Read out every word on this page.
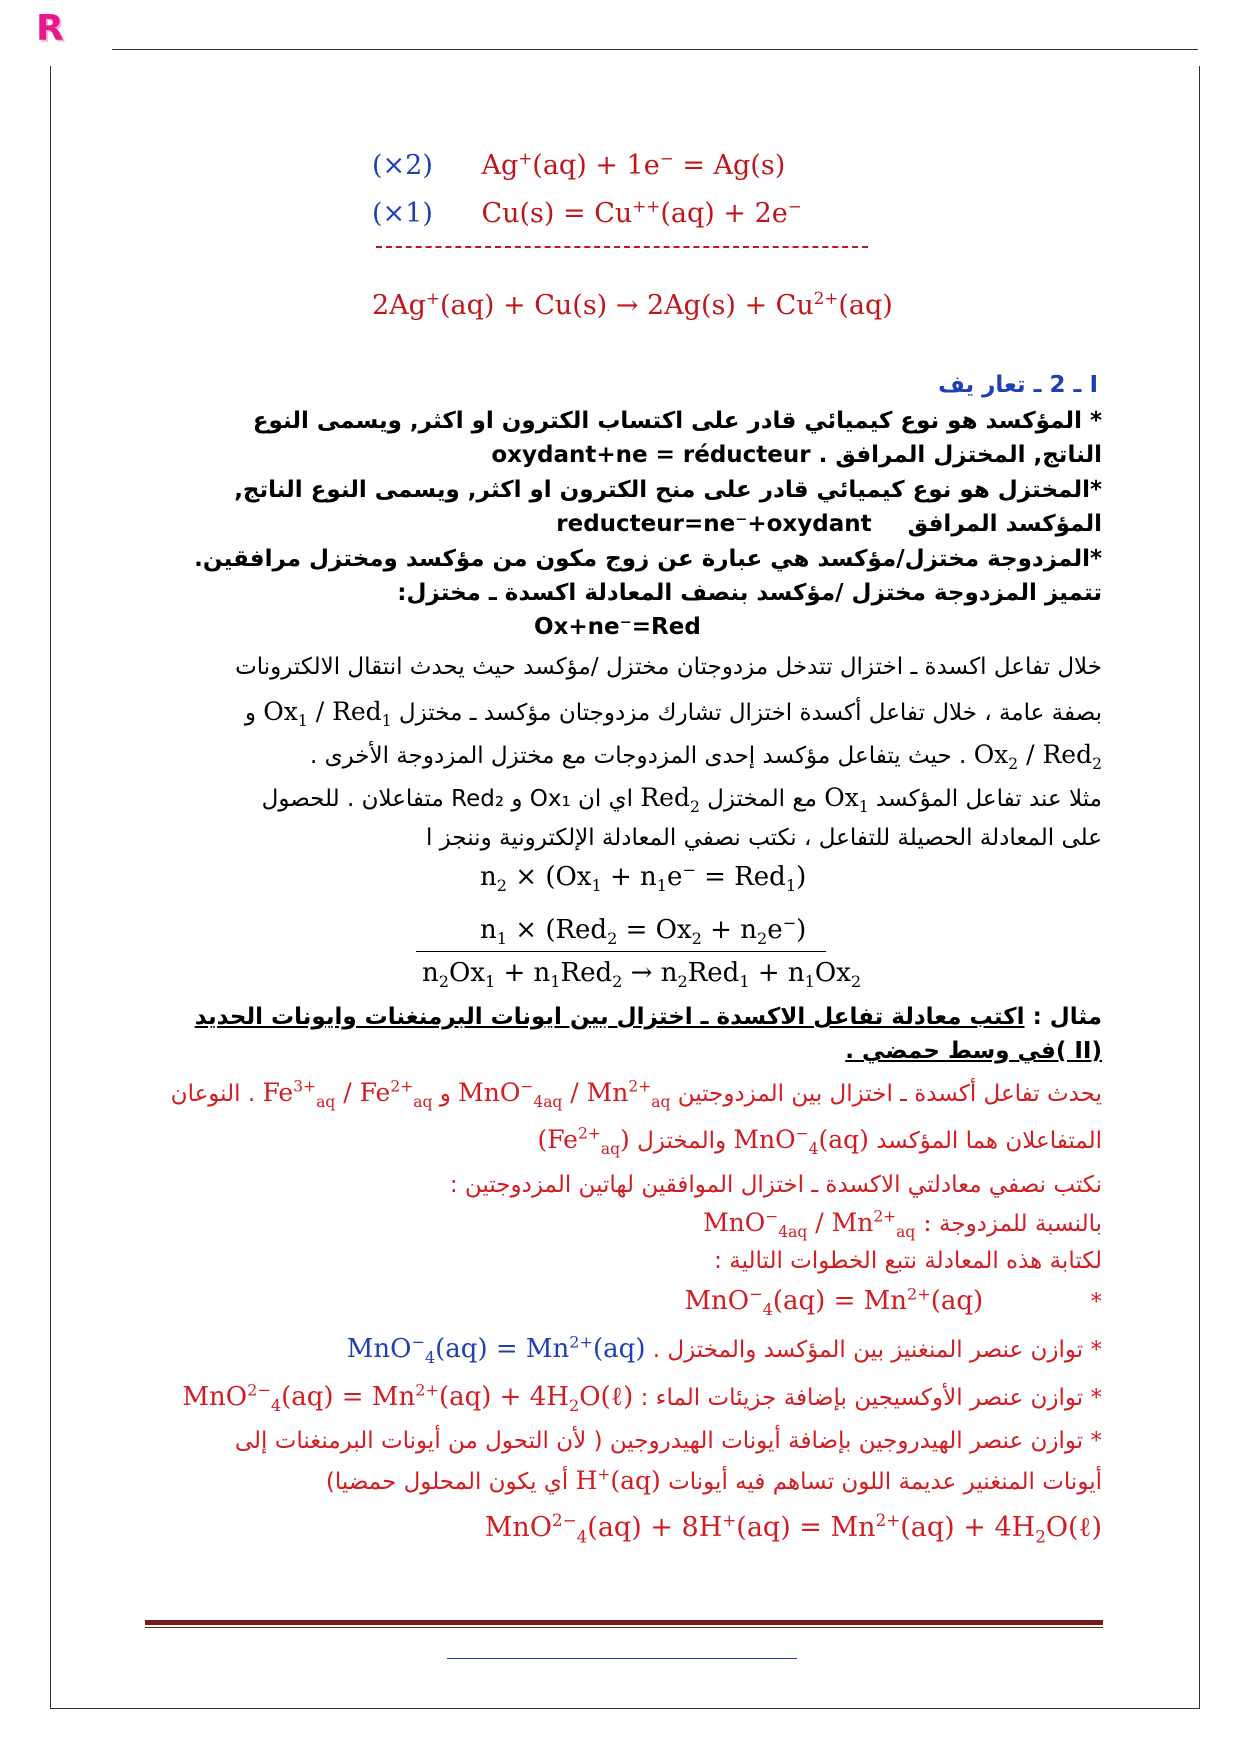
R
(×2) Ag+(aq) + 1e− = Ag(s)
(×1) Cu(s) = Cu++(aq) + 2e−
$2Ag^+(aq) + Cu(s) \to 2Ag(s) + Cu^{2+}(aq)$
I ـ 2 ـ تعار يف
* المؤكسد هو نوع كيميائي قادر على اكتساب الكترون او اكثر, ويسمى النوع
الناتج, المختزل المرافق . oxydant+ne = réducteur
*المختزل هو نوع كيميائي قادر على منح الكترون او اكثر, ويسمى النوع الناتج,
المؤكسد المرافق reducteur=ne⁻+oxydant
*المزدوجة مختزل/مؤكسد هي عبارة عن زوج مكون من مؤكسد ومختزل مرافقين.
تتميز المزدوجة مختزل /مؤكسد بنصف المعادلة اكسدة ـ مختزل:
Ox+ne⁻=Red
خلال تفاعل اكسدة ـ اختزال تتدخل مزدوجتان مختزل /مؤكسد حيث يحدث انتقال الالكترونات
بصفة عامة ، خلال تفاعل أكسدة اختزال تشارك مزدوجتان مؤكسد ـ مختزل $Ox_1 / Red_1$ و
$Ox_2 / Red_2$ . حيث يتفاعل مؤكسد إحدى المزدوجات مع مختزل المزدوجة الأخرى .
مثلا عند تفاعل المؤكسد $Ox_1$ مع المختزل Red$_2$ اي ان Ox₁ و Red₂ متفاعلان . للحصول
على المعادلة الحصيلة للتفاعل ، نكتب نصفي المعادلة الإلكترونية وننجز ا
$n_2 \times (Ox_1 + n_1e^- = Red_1)$
$n_1 \times (Red_2 = Ox_2 + n_2e^-)$
$n_2Ox_1 + n_1Red_2 \to n_2Red_1 + n_1Ox_2$
مثال : اكتب معادلة تفاعل الاكسدة ـ اختزال بين ايونات البرمنغنات وايونات الحديد
(II )في وسط حمضي .
يحدث تفاعل أكسدة ـ اختزال بين المزدوجتين $MnO^-_{4aq} / Mn^{2+}_{aq}$ و $Fe^{3+}_{aq} / Fe^{2+}_{aq}$ . النوعان
المتفاعلان هما المؤكسد MnO−$_4$(aq) والمختزل $(Fe^{2+}_{aq})$
نكتب نصفي معادلتي الاكسدة ـ اختزال الموافقين لهاتين المزدوجتين :
بالنسبة للمزدوجة $MnO^-_{4aq} / Mn^{2+}_{aq}$ :
لكتابة هذه المعادلة نتبع الخطوات التالية :
* $MnO^-_4(aq) = Mn^{2+}(aq)$
* توازن عنصر المنغنيز بين المؤكسد والمختزل . $MnO^-_4(aq) = Mn^{2+}(aq)$
* توازن عنصر الأوكسيجين بإضافة جزيئات الماء : $MnO^{2-}_4(aq) = Mn^{2+}(aq)$ + $4H_2O(\ell)$
* توازن عنصر الهيدروجين بإضافة أيونات الهيدروجين ( لأن التحول من أيونات البرمنغنات إلى
أيونات المنغنير عديمة اللون تساهم فيه أيونات H+(aq) أي يكون المحلول حمضيا)
$MnO^{2-}_4(aq) + 8H^+(aq) = Mn^{2+}(aq)$ + $4H_2O(\ell)$
